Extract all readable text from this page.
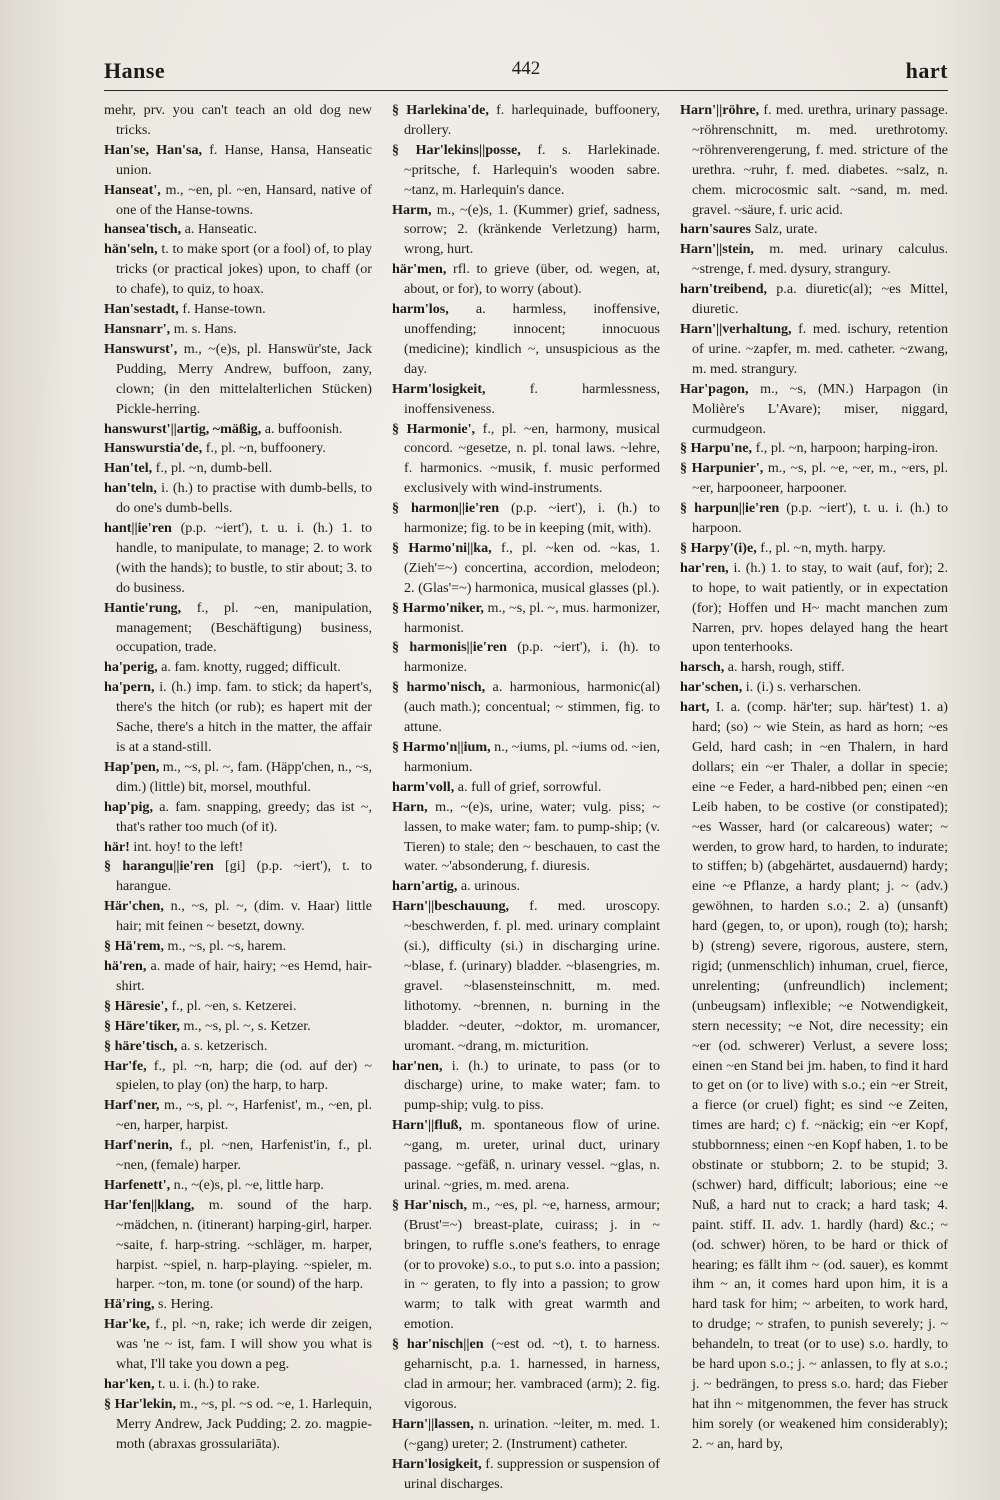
Hanse	442	hart

mehr, prv. you can't teach an old dog new tricks.

Han'se, Han'sa, f. Hanse, Hansa, Hanseatic union.

Hanseat', m., ~en, pl. ~en, Hansard, native of one of the Hanse-towns.

hansea'tisch, a. Hanseatic.

hän'seln, t. to make sport (or a fool) of, to play tricks (or practical jokes) upon, to chaff (or to chafe), to quiz, to hoax.

Han'sestadt, f. Hanse-town.

Hansnarr', m. s. Hans.

Hanswurst', m., ~(e)s, pl. Hanswür'ste, Jack Pudding, Merry Andrew, buffoon, zany, clown; (in den mittelalterlichen Stücken) Pickle-herring.

hanswurst'||artig, ~mäßig, a. buffoonish.

Hanswurstia'de, f., pl. ~n, buffoonery.

Han'tel, f., pl. ~n, dumb-bell.

han'teln, i. (h.) to practise with dumb-bells, to do one's dumb-bells.

hant||ie'ren (p.p. ~iert'), t. u. i. (h.) 1. to handle, to manipulate, to manage; 2. to work (with the hands); to bustle, to stir about; 3. to do business.

Hantie'rung, f., pl. ~en, manipulation, management; (Beschäftigung) business, occupation, trade.

ha'perig, a. fam. knotty, rugged; difficult.

ha'pern, i. (h.) imp. fam. to stick; da hapert's, there's the hitch (or rub); es hapert mit der Sache, there's a hitch in the matter, the affair is at a stand-still.

Hap'pen, m., ~s, pl. ~, fam. (Häpp'chen, n., ~s, dim.) (little) bit, morsel, mouthful.

hap'pig, a. fam. snapping, greedy; das ist ~, that's rather too much (of it).

här! int. hoy! to the left!

§ harangu||ie'ren [gi] (p.p. ~iert'), t. to harangue.

Här'chen, n., ~s, pl. ~, (dim. v. Haar) little hair; mit feinen ~ besetzt, downy.

§ Hä'rem, m., ~s, pl. ~s, harem.

hä'ren, a. made of hair, hairy; ~es Hemd, hair-shirt.

§ Häresie', f., pl. ~en, s. Ketzerei.

§ Häre'tiker, m., ~s, pl. ~, s. Ketzer.

§ häre'tisch, a. s. ketzerisch.

Har'fe, f., pl. ~n, harp; die (od. auf der) ~ spielen, to play (on) the harp, to harp.

Harf'ner, m., ~s, pl. ~, Harfenist', m., ~en, pl. ~en, harper, harpist.

Harf'nerin, f., pl. ~nen, Harfenist'in, f., pl. ~nen, (female) harper.

Harfenett', n., ~(e)s, pl. ~e, little harp.

Har'fen||klang, m. sound of the harp. ~mädchen, n. (itinerant) harping-girl, harper. ~saite, f. harp-string. ~schläger, m. harper, harpist. ~spiel, n. harp-playing. ~spieler, m. harper. ~ton, m. tone (or sound) of the harp.

Hä'ring, s. Hering.

Har'ke, f., pl. ~n, rake; ich werde dir zeigen, was 'ne ~ ist, fam. I will show you what is what, I'll take you down a peg.

har'ken, t. u. i. (h.) to rake.

§ Har'lekin, m., ~s, pl. ~s od. ~e, 1. Harlequin, Merry Andrew, Jack Pudding; 2. zo. magpie-moth (abraxas grossulariāta).

§ Harlekina'de, f. harlequinade, buffoonery, drollery.

§ Har'lekins||posse, f. s. Harlekinade. ~pritsche, f. Harlequin's wooden sabre. ~tanz, m. Harlequin's dance.

Harm, m., ~(e)s, 1. (Kummer) grief, sadness, sorrow; 2. (kränkende Verletzung) harm, wrong, hurt.

här'men, rfl. to grieve (über, od. wegen, at, about, or for), to worry (about).

harm'los, a. harmless, inoffensive, unoffending; innocent; innocuous (medicine); kindlich ~, unsuspicious as the day.

Harm'losigkeit, f. harmlessness, inoffensiveness.

§ Harmonie', f., pl. ~en, harmony, musical concord. ~gesetze, n. pl. tonal laws. ~lehre, f. harmonics. ~musik, f. music performed exclusively with wind-instruments.

§ harmon||ie'ren (p.p. ~iert'), i. (h.) to harmonize; fig. to be in keeping (mit, with).

§ Harmo'ni||ka, f., pl. ~ken od. ~kas, 1. (Zieh'=~) concertina, accordion, melodeon; 2. (Glas'=~) harmonica, musical glasses (pl.).

§ Harmo'niker, m., ~s, pl. ~, mus. harmonizer, harmonist.

§ harmonis||ie'ren (p.p. ~iert'), i. (h). to harmonize.

§ harmo'nisch, a. harmonious, harmonic(al) (auch math.); concentual; ~ stimmen, fig. to attune.

§ Harmo'n||ium, n., ~iums, pl. ~iums od. ~ien, harmonium.

harm'voll, a. full of grief, sorrowful.

Harn, m., ~(e)s, urine, water; vulg. piss; ~ lassen, to make water; fam. to pump-ship; (v. Tieren) to stale; den ~ beschauen, to cast the water. ~'absonderung, f. diuresis.

harn'artig, a. urinous.

Harn'||beschauung, f. med. uroscopy. ~beschwerden, f. pl. med. urinary complaint (si.), difficulty (si.) in discharging urine. ~blase, f. (urinary) bladder. ~blasengries, m. gravel. ~blasensteinschnitt, m. med. lithotomy. ~brennen, n. burning in the bladder. ~deuter, ~doktor, m. uromancer, uromant. ~drang, m. micturition.

har'nen, i. (h.) to urinate, to pass (or to discharge) urine, to make water; fam. to pump-ship; vulg. to piss.

Harn'||fluß, m. spontaneous flow of urine. ~gang, m. ureter, urinal duct, urinary passage. ~gefäß, n. urinary vessel. ~glas, n. urinal. ~gries, m. med. arena.

§ Har'nisch, m., ~es, pl. ~e, harness, armour; (Brust'=~) breast-plate, cuirass; j. in ~ bringen, to ruffle s.one's feathers, to enrage (or to provoke) s.o., to put s.o. into a passion; in ~ geraten, to fly into a passion; to grow warm; to talk with great warmth and emotion.

§ har'nisch||en (~est od. ~t), t. to harness. geharnischt, p.a. 1. harnessed, in harness, clad in armour; her. vambraced (arm); 2. fig. vigorous.

Harn'||lassen, n. urination. ~leiter, m. med. 1. (~gang) ureter; 2. (Instrument) catheter.

Harn'losigkeit, f. suppression or suspension of urinal discharges.

Harn'||röhre, f. med. urethra, urinary passage. ~röhrenschnitt, m. med. urethrotomy. ~röhrenverengerung, f. med. stricture of the urethra. ~ruhr, f. med. diabetes. ~salz, n. chem. microcosmic salt. ~sand, m. med. gravel. ~säure, f. uric acid.

harn'saures Salz, urate.

Harn'||stein, m. med. urinary calculus. ~strenge, f. med. dysury, strangury.

harn'treibend, p.a. diuretic(al); ~es Mittel, diuretic.

Harn'||verhaltung, f. med. ischury, retention of urine. ~zapfer, m. med. catheter. ~zwang, m. med. strangury.

Har'pagon, m., ~s, (MN.) Harpagon (in Molière's L'Avare); miser, niggard, curmudgeon.

§ Harpu'ne, f., pl. ~n, harpoon; harping-iron.

§ Harpunier', m., ~s, pl. ~e, ~er, m., ~ers, pl. ~er, harpooneer, harpooner.

§ harpun||ie'ren (p.p. ~iert'), t. u. i. (h.) to harpoon.

§ Harpy'(i)e, f., pl. ~n, myth. harpy.

har'ren, i. (h.) 1. to stay, to wait (auf, for); 2. to hope, to wait patiently, or in expectation (for); Hoffen und H~ macht manchen zum Narren, prv. hopes delayed hang the heart upon tenterhooks.

harsch, a. harsh, rough, stiff.

har'schen, i. (i.) s. verharschen.

hart, I. a. (comp. här'ter; sup. här'test) 1. a) hard; (so) ~ wie Stein, as hard as horn; ~es Geld, hard cash; in ~en Thalern, in hard dollars; ein ~er Thaler, a dollar in specie; eine ~e Feder, a hard-nibbed pen; einen ~en Leib haben, to be costive (or constipated); ~es Wasser, hard (or calcareous) water; ~ werden, to grow hard, to harden, to indurate; to stiffen; b) (abgehärtet, ausdauernd) hardy; eine ~e Pflanze, a hardy plant; j. ~ (adv.) gewöhnen, to harden s.o.; 2. a) (unsanft) hard (gegen, to, or upon), rough (to); harsh; b) (streng) severe, rigorous, austere, stern, rigid; (unmenschlich) inhuman, cruel, fierce, unrelenting; (unfreundlich) inclement; (unbeugsam) inflexible; ~e Notwendigkeit, stern necessity; ~e Not, dire necessity; ein ~er (od. schwerer) Verlust, a severe loss; einen ~en Stand bei jm. haben, to find it hard to get on (or to live) with s.o.; ein ~er Streit, a fierce (or cruel) fight; es sind ~e Zeiten, times are hard; c) f. ~näckig; ein ~er Kopf, stubbornness; einen ~en Kopf haben, 1. to be obstinate or stubborn; 2. to be stupid; 3. (schwer) hard, difficult; laborious; eine ~e Nuß, a hard nut to crack; a hard task; 4. paint. stiff. II. adv. 1. hardly (hard) &c.; ~ (od. schwer) hören, to be hard or thick of hearing; es fällt ihm ~ (od. sauer), es kommt ihm ~ an, it comes hard upon him, it is a hard task for him; ~ arbeiten, to work hard, to drudge; ~ strafen, to punish severely; j. ~ behandeln, to treat (or to use) s.o. hardly, to be hard upon s.o.; j. ~ anlassen, to fly at s.o.; j. ~ bedrängen, to press s.o. hard; das Fieber hat ihn ~ mitgenommen, the fever has struck him sorely (or weakened him considerably); 2. ~ an, hard by,
